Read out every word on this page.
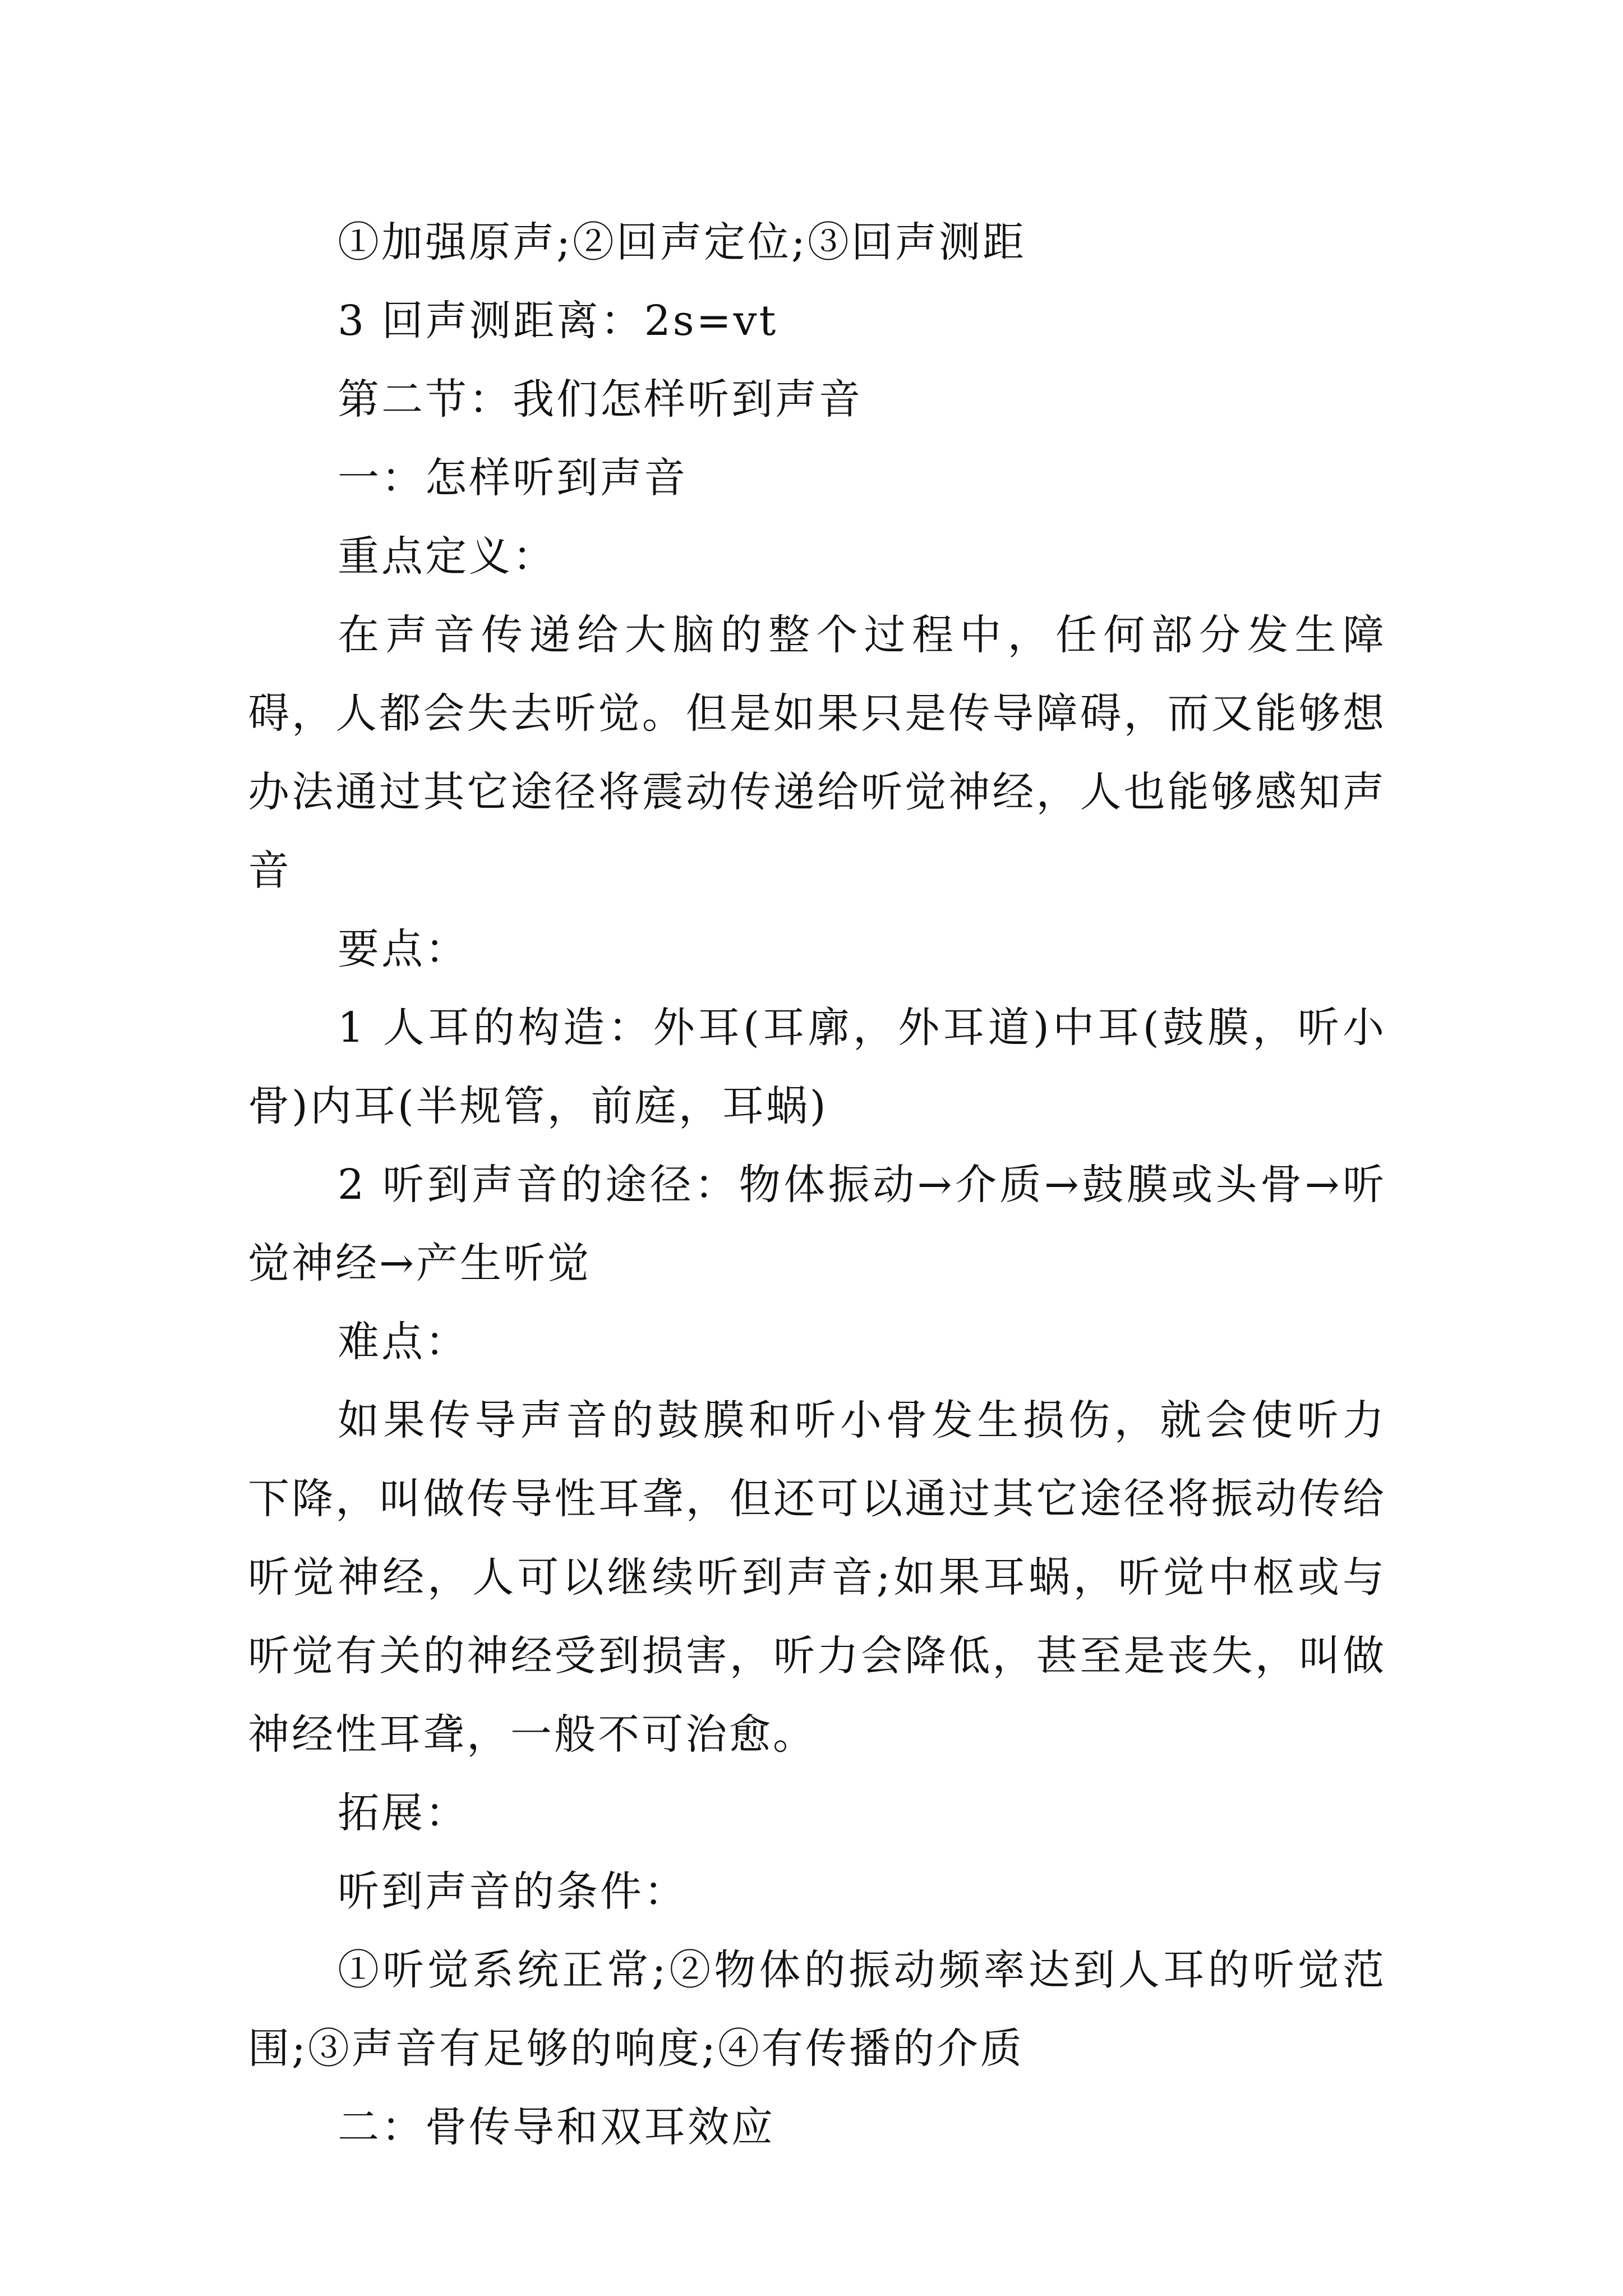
①加强原声;②回声定位;③回声测距

3 回声测距离：2s=vt

第二节：我们怎样听到声音

一：怎样听到声音

重点定义：

在声音传递给大脑的整个过程中，任何部分发生障碍，人都会失去听觉。但是如果只是传导障碍，而又能够想办法通过其它途径将震动传递给听觉神经，人也能够感知声音

要点：

1 人耳的构造：外耳(耳廓，外耳道)中耳(鼓膜，听小骨)内耳(半规管，前庭，耳蜗)

2 听到声音的途径：物体振动→介质→鼓膜或头骨→听觉神经→产生听觉

难点：

如果传导声音的鼓膜和听小骨发生损伤，就会使听力下降，叫做传导性耳聋，但还可以通过其它途径将振动传给听觉神经，人可以继续听到声音;如果耳蜗，听觉中枢或与听觉有关的神经受到损害，听力会降低，甚至是丧失，叫做神经性耳聋，一般不可治愈。

拓展：

听到声音的条件：

①听觉系统正常;②物体的振动频率达到人耳的听觉范围;③声音有足够的响度;④有传播的介质

二：骨传导和双耳效应
